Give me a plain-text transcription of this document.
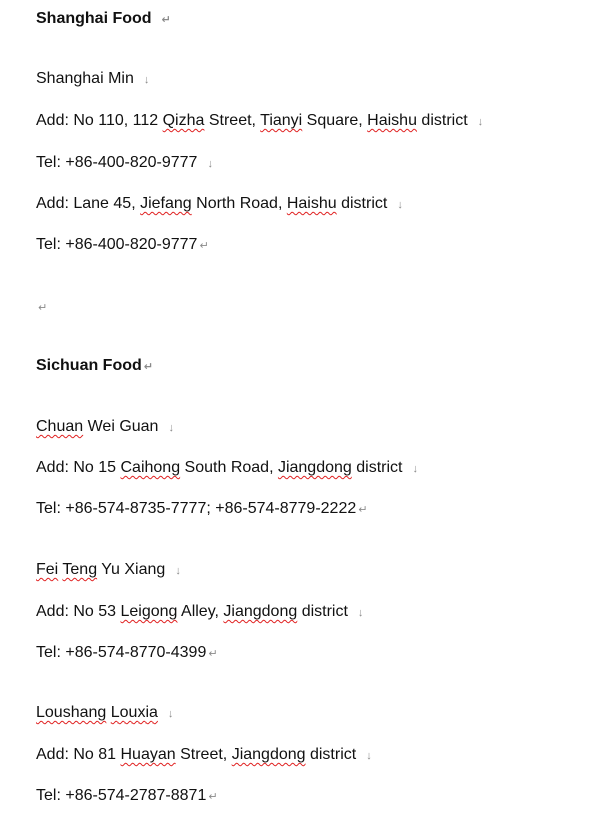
Shanghai Food ↵
Shanghai Min ↓
Add: No 110, 112 Qizha Street, Tianyi Square, Haishu district ↓
Tel: +86-400-820-9777 ↓
Add: Lane 45, Jiefang North Road, Haishu district ↓
Tel: +86-400-820-9777 ↵
↵
Sichuan Food ↵
Chuan Wei Guan ↓
Add: No 15 Caihong South Road, Jiangdong district ↓
Tel: +86-574-8735-7777; +86-574-8779-2222 ↵
Fei Teng Yu Xiang ↓
Add: No 53 Leigong Alley, Jiangdong district ↓
Tel: +86-574-8770-4399 ↵
Loushang Louxia ↓
Add: No 81 Huayan Street, Jiangdong district ↓
Tel: +86-574-2787-8871 ↵
